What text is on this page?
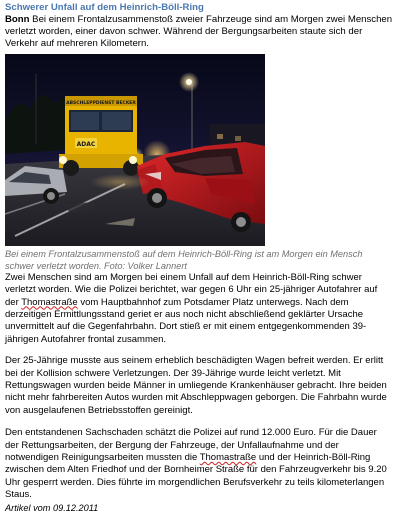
Schwerer Unfall auf dem Heinrich-Böll-Ring

Bonn Bei einem Frontalzusammenstoß zweier Fahrzeuge sind am Morgen zwei Menschen verletzt worden, einer davon schwer. Während der Bergungsarbeiten staute sich der Verkehr auf mehreren Kilometern.

ABSCHLEPPDIENST BECKER
ADAC

Bei einem Frontalzusammenstoß auf dem Heinrich-Böll-Ring ist am Morgen ein Mensch schwer verletzt worden. Foto: Volker Lannert

Zwei Menschen sind am Morgen bei einem Unfall auf dem Heinrich-Böll-Ring schwer verletzt worden. Wie die Polizei berichtet, war gegen 6 Uhr ein 25-jähriger Autofahrer auf der Thomastraße vom Hauptbahnhof zum Potsdamer Platz unterwegs. Nach dem derzeitigen Ermittlungsstand geriet er aus noch nicht abschließend geklärter Ursache unvermittelt auf die Gegenfahrbahn. Dort stieß er mit einem entgegenkommenden 39-jährigen Autofahrer frontal zusammen.

Der 25-Jährige musste aus seinem erheblich beschädigten Wagen befreit werden. Er erlitt bei der Kollision schwere Verletzungen. Der 39-Jährige wurde leicht verletzt. Mit Rettungswagen wurden beide Männer in umliegende Krankenhäuser gebracht. Ihre beiden nicht mehr fahrbereiten Autos wurden mit Abschleppwagen geborgen. Die Fahrbahn wurde von ausgelaufenen Betriebsstoffen gereinigt.

Den entstandenen Sachschaden schätzt die Polizei auf rund 12.000 Euro. Für die Dauer der Rettungsarbeiten, der Bergung der Fahrzeuge, der Unfallaufnahme und der notwendigen Reinigungsarbeiten mussten die Thomastraße und der Heinrich-Böll-Ring zwischen dem Alten Friedhof und der Bornheimer Straße für den Fahrzeugverkehr bis 9.20 Uhr gesperrt werden. Dies führte im morgendlichen Berufsverkehr zu teils kilometerlangen Staus.

Artikel vom 09.12.2011
